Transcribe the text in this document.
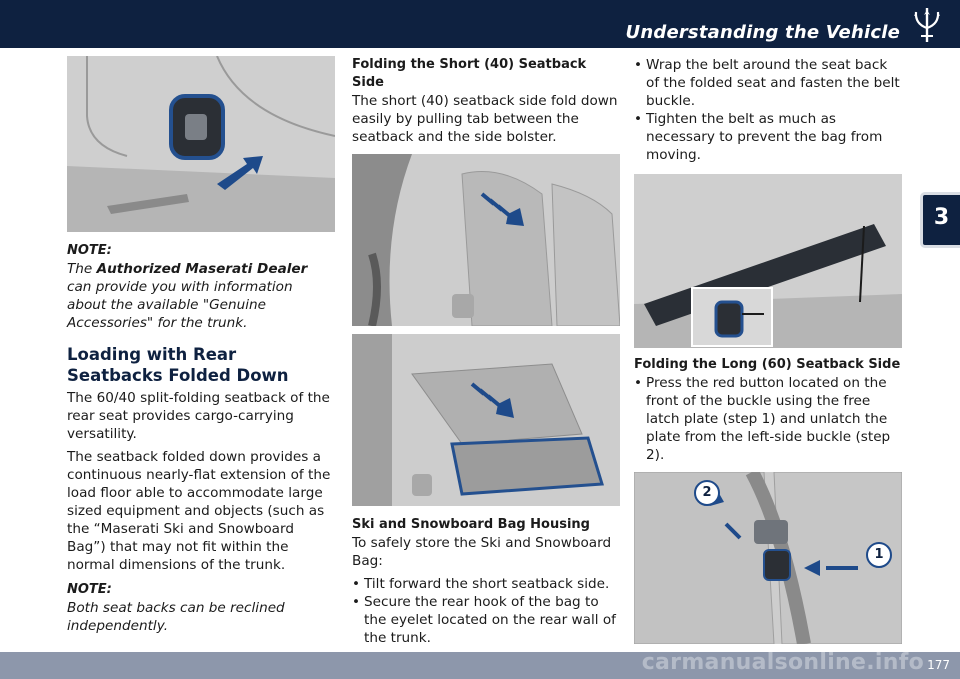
Understanding the Vehicle
3

NOTE:

The Authorized Maserati Dealer can provide you with information about the available "Genuine Accessories" for the trunk.

Loading with Rear Seatbacks Folded Down

The 60/40 split-folding seatback of the rear seat provides cargo-carrying versatility.

The seatback folded down provides a continuous nearly-flat extension of the load floor able to accommodate large sized equipment and objects (such as the “Maserati Ski and Snowboard Bag”) that may not fit within the normal dimensions of the trunk.

NOTE:

Both seat backs can be reclined independently.

Folding the Short (40) Seatback Side

The short (40) seatback side fold down easily by pulling tab between the seatback and the side bolster.

Ski and Snowboard Bag Housing

To safely store the Ski and Snowboard Bag:

• Tilt forward the short seatback side.
• Secure the rear hook of the bag to the eyelet located on the rear wall of the trunk.
• Wrap the belt around the seat back of the folded seat and fasten the belt buckle.
• Tighten the belt as much as necessary to prevent the bag from moving.

Folding the Long (60) Seatback Side

• Press the red button located on the front of the buckle using the free latch plate (step 1) and unlatch the plate from the left-side buckle (step 2).
2
1
177
carmanualsonline.info
